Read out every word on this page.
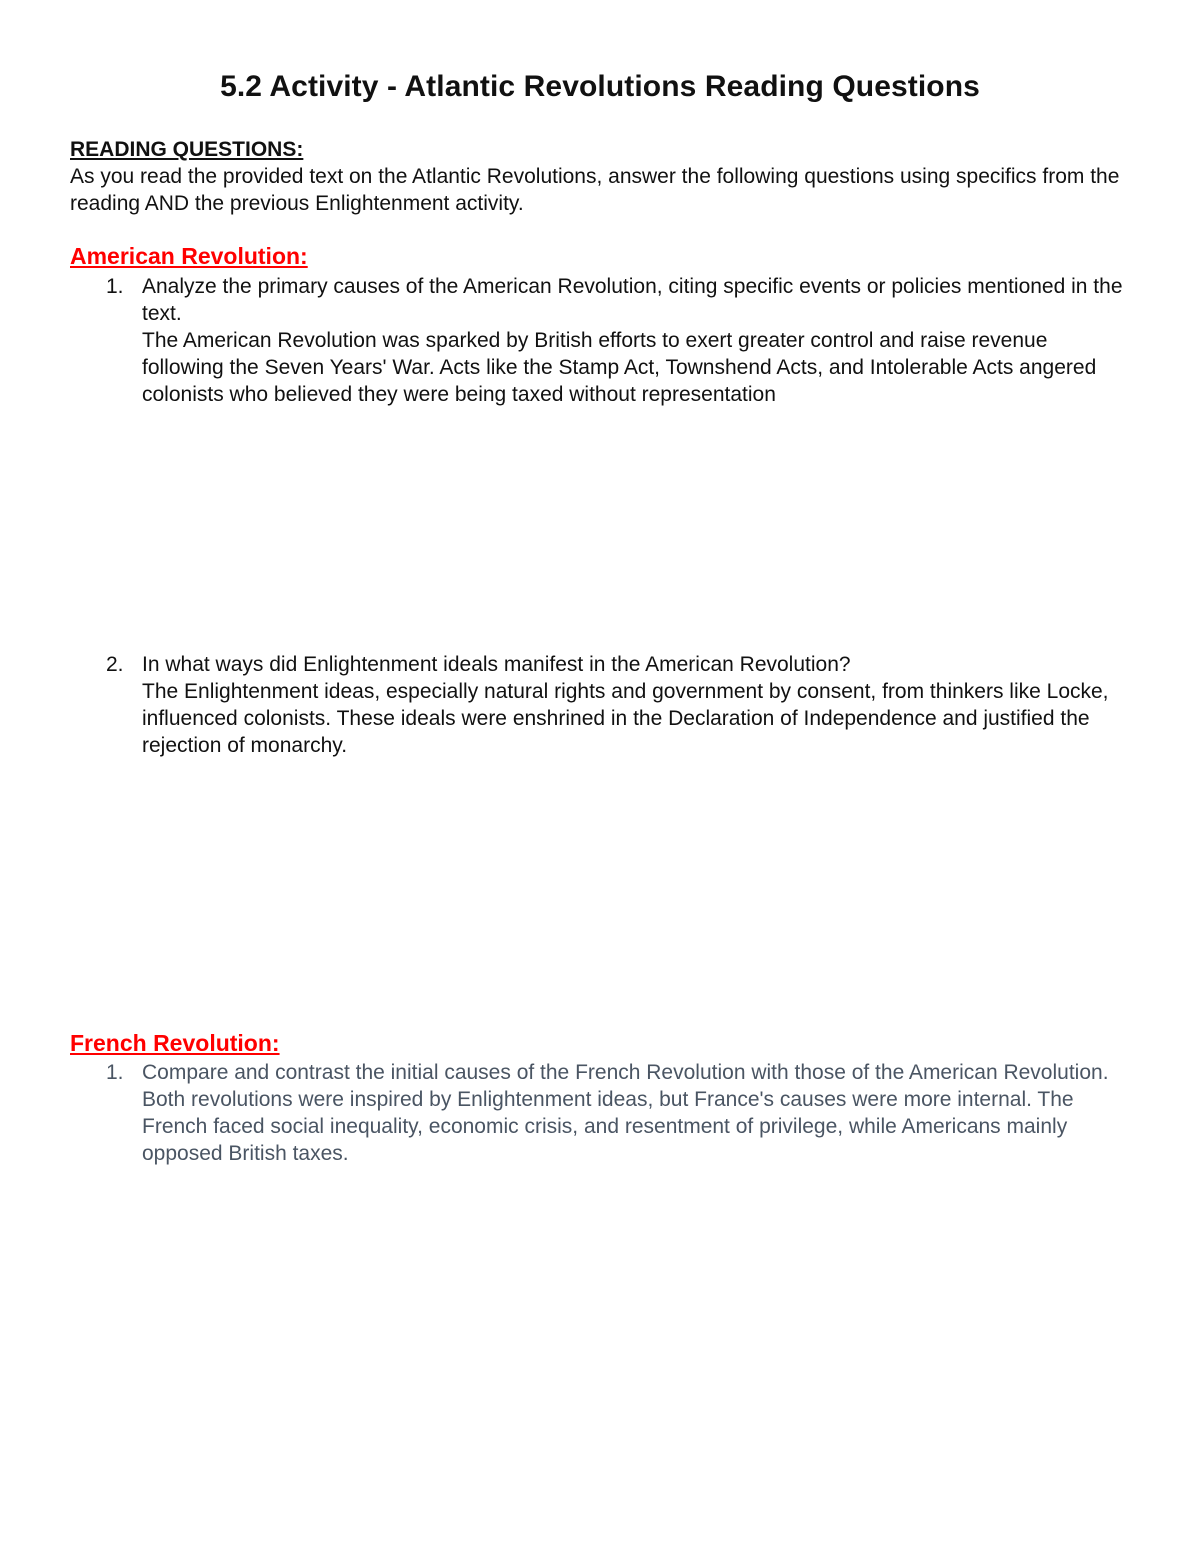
5.2 Activity - Atlantic Revolutions Reading Questions
READING QUESTIONS:
As you read the provided text on the Atlantic Revolutions, answer the following questions using specifics from the reading AND the previous Enlightenment activity.
American Revolution:
1. Analyze the primary causes of the American Revolution, citing specific events or policies mentioned in the text.
The American Revolution was sparked by British efforts to exert greater control and raise revenue following the Seven Years' War. Acts like the Stamp Act, Townshend Acts, and Intolerable Acts angered colonists who believed they were being taxed without representation
2. In what ways did Enlightenment ideals manifest in the American Revolution?
The Enlightenment ideas, especially natural rights and government by consent, from thinkers like Locke, influenced colonists. These ideals were enshrined in the Declaration of Independence and justified the rejection of monarchy.
French Revolution:
1. Compare and contrast the initial causes of the French Revolution with those of the American Revolution.
Both revolutions were inspired by Enlightenment ideas, but France's causes were more internal. The French faced social inequality, economic crisis, and resentment of privilege, while Americans mainly opposed British taxes.
